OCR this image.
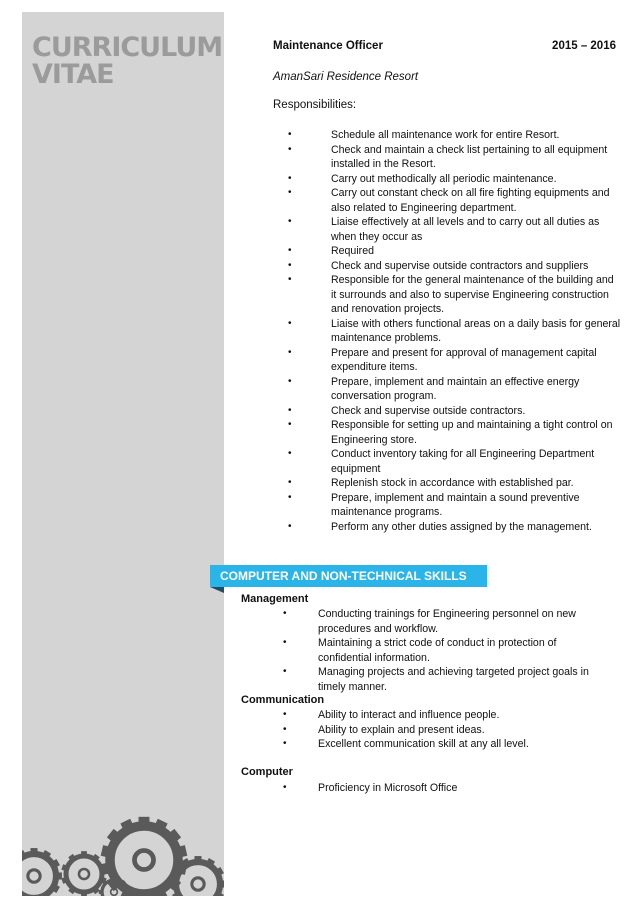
CURRICULUM
VITAE
Maintenance Officer	2015 – 2016
AmanSari Residence Resort
Responsibilities:
•	Schedule all maintenance work for entire Resort.
•	Check and maintain a check list pertaining to all equipment installed in the Resort.
•	Carry out methodically all periodic maintenance.
•	Carry out constant check on all fire fighting equipments and also related to Engineering department.
•	Liaise effectively at all levels and to carry out all duties as when they occur as
•	Required
•	Check and supervise outside contractors and suppliers
•	Responsible for the general maintenance of the building and it surrounds and also to supervise Engineering construction and renovation projects.
•	Liaise with others functional areas on a daily basis for general maintenance problems.
•	Prepare and present for approval of management capital expenditure items.
•	Prepare, implement and maintain an effective energy conversation program.
•	Check and supervise outside contractors.
•	Responsible for setting up and maintaining a tight control on Engineering store.
•	Conduct inventory taking for all Engineering Department equipment
•	Replenish stock in accordance with established par.
•	Prepare, implement and maintain a sound preventive maintenance programs.
•	Perform any other duties assigned by the management.
COMPUTER AND NON-TECHNICAL SKILLS
Management
•	Conducting trainings for Engineering personnel on new procedures and workflow.
•	Maintaining a strict code of conduct in protection of confidential information.
•	Managing projects and achieving targeted project goals in timely manner.
Communication
•	Ability to interact and influence people.
•	Ability to explain and present ideas.
•	Excellent communication skill at any all level.
Computer
•	Proficiency in Microsoft Office
